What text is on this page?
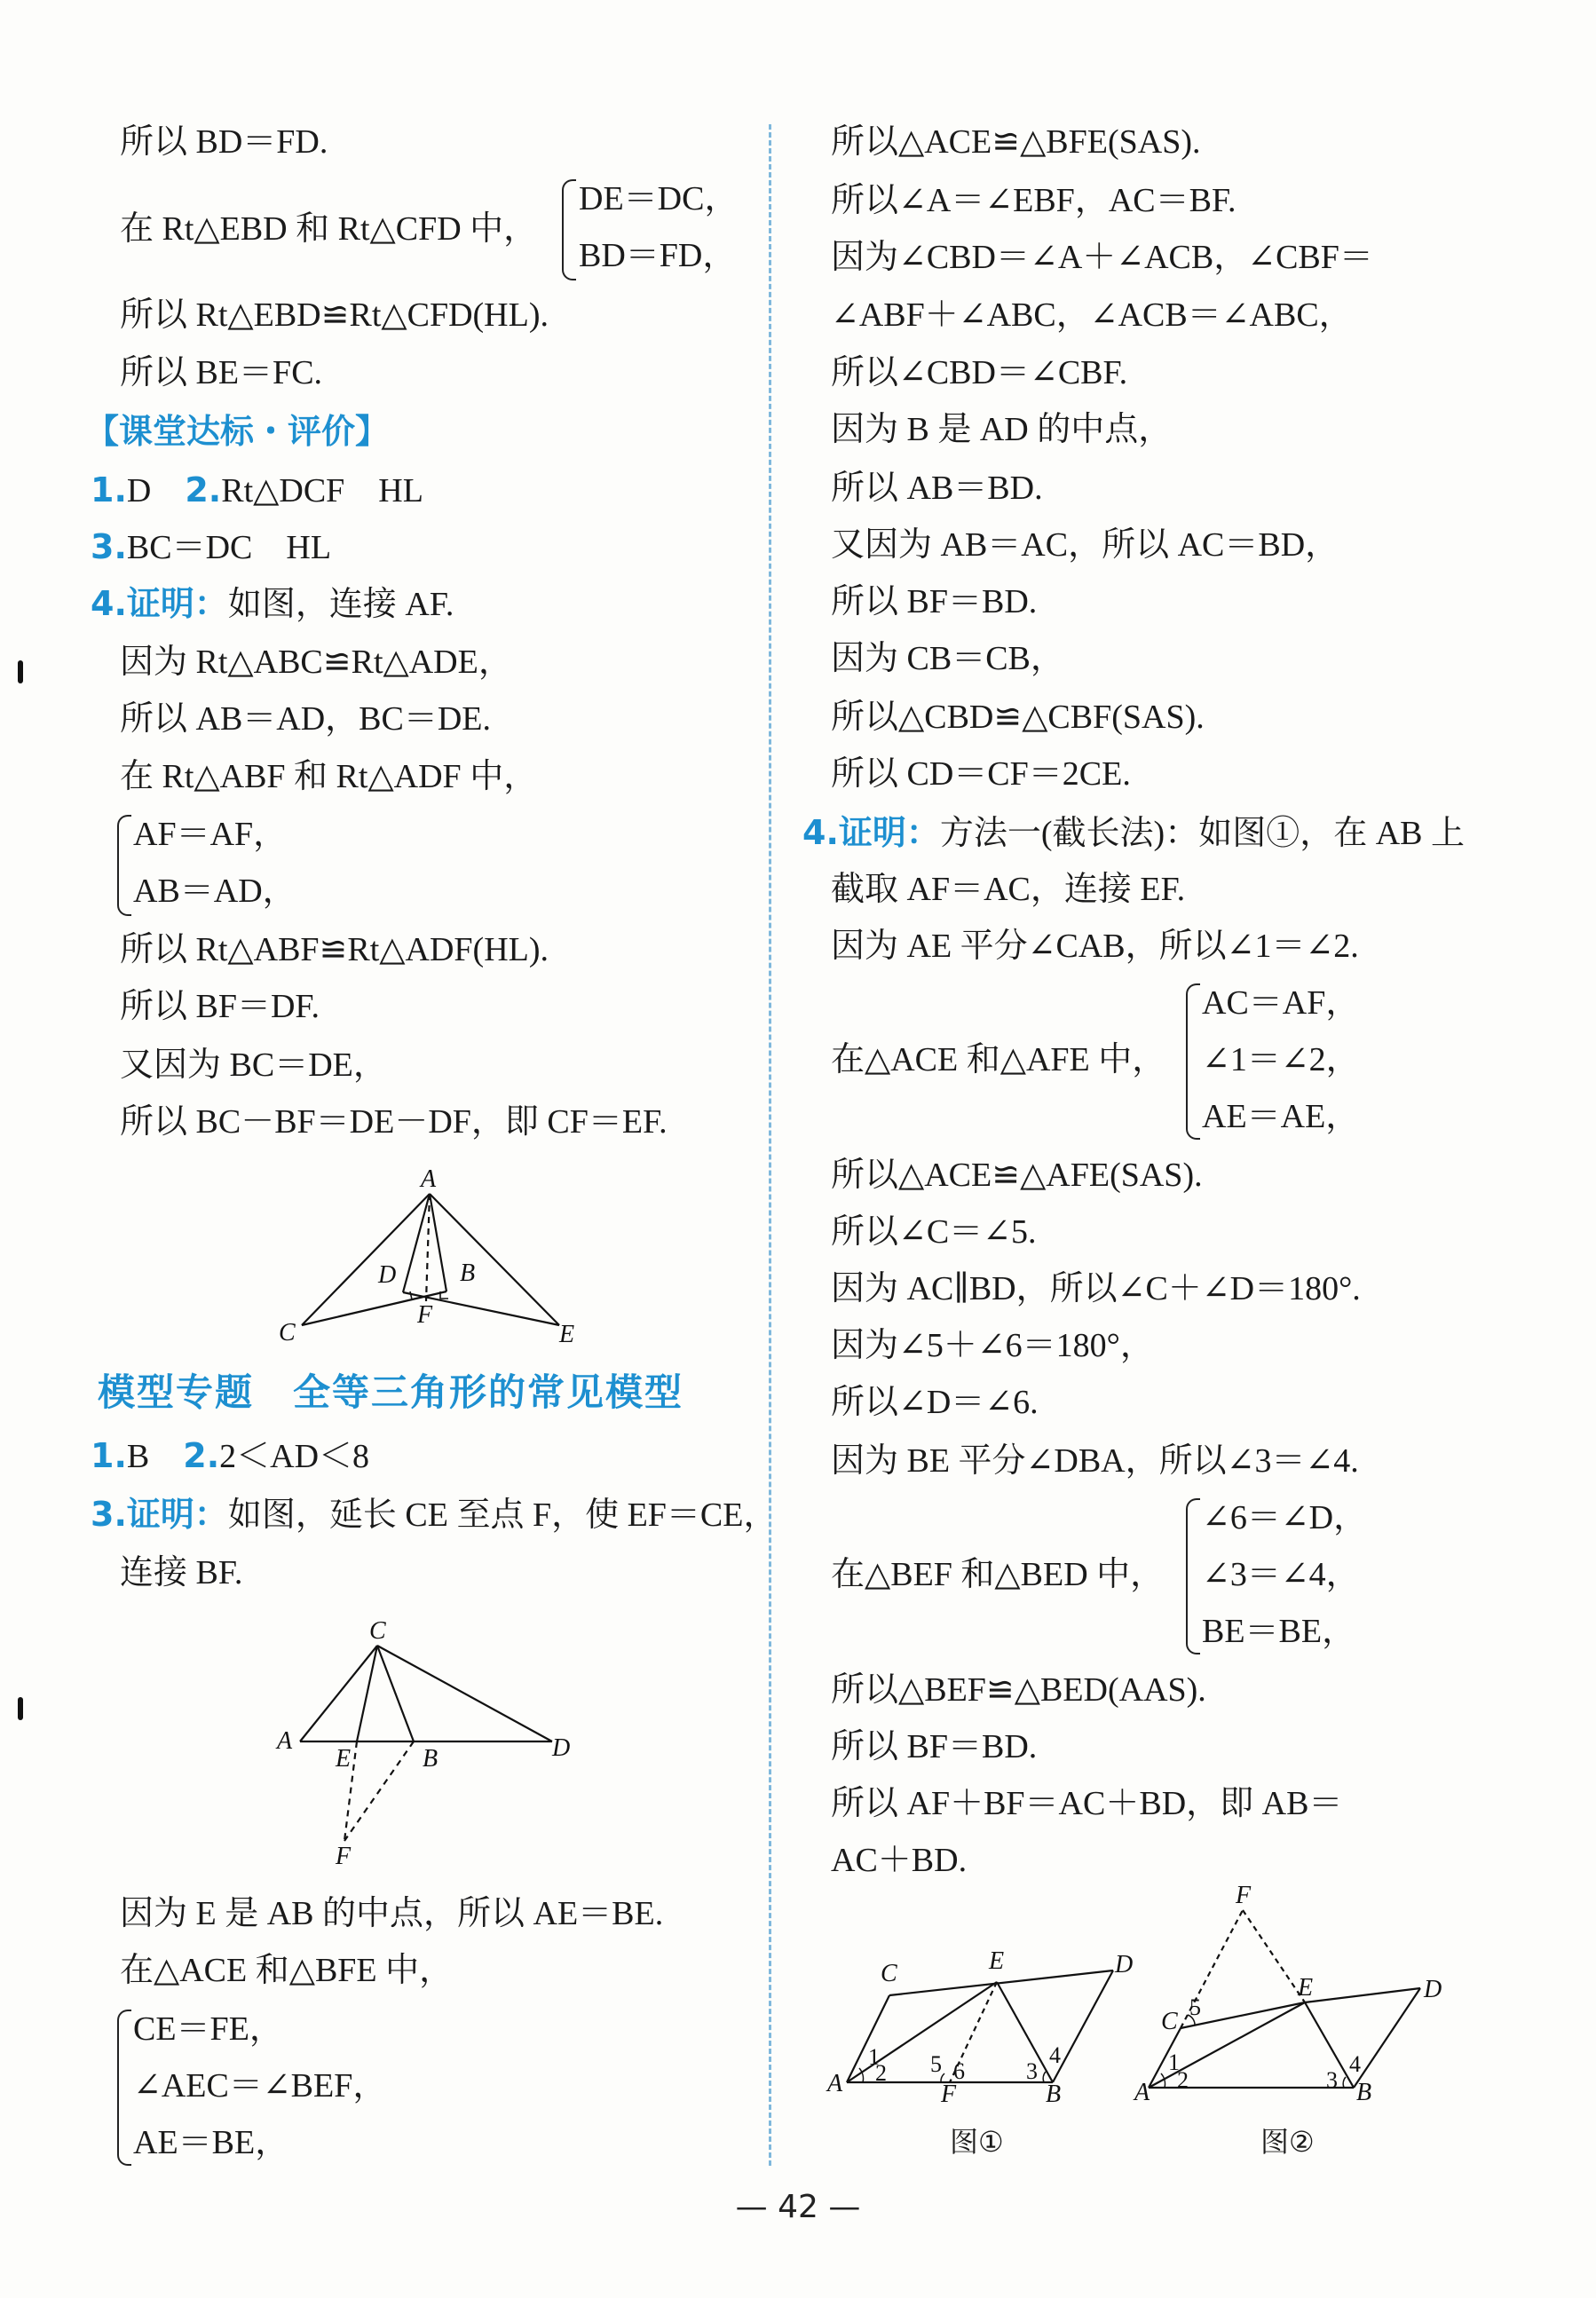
所以 BD＝FD.
在 Rt△EBD 和 Rt△CFD 中，
DE＝DC，
BD＝FD，
所以 Rt△EBD≌Rt△CFD(HL).
所以 BE＝FC.
【课堂达标・评价】
1.D　 2.Rt△DCF　HL
3.BC＝DC　HL
4.证明：如图，连接 AF.
因为 Rt△ABC≌Rt△ADE，
所以 AB＝AD，BC＝DE.
在 Rt△ABF 和 Rt△ADF 中，
AF＝AF，
AB＝AD，
所以 Rt△ABF≌Rt△ADF(HL).
所以 BF＝DF.
又因为 BC＝DE，
所以 BC－BF＝DE－DF，即 CF＝EF.
A
D	B
F
C	E
模型专题　全等三角形的常见模型
1.B　 2.2＜AD＜8
3.证明：如图，延长 CE 至点 F，使 EF＝CE，
连接 BF.
C
A
E	B	D
F
因为 E 是 AB 的中点，所以 AE＝BE.
在△ACE 和△BFE 中，
CE＝FE，
∠AEC＝∠BEF，
AE＝BE，
所以△ACE≌△BFE(SAS).
所以∠A＝∠EBF，AC＝BF.
因为∠CBD＝∠A＋∠ACB，∠CBF＝
∠ABF＋∠ABC，∠ACB＝∠ABC，
所以∠CBD＝∠CBF.
因为 B 是 AD 的中点，
所以 AB＝BD.
又因为 AB＝AC，所以 AC＝BD，
所以 BF＝BD.
因为 CB＝CB，
所以△CBD≌△CBF(SAS).
所以 CD＝CF＝2CE.
4.证明：方法一(截长法)：如图①，在 AB 上
截取 AF＝AC，连接 EF.
因为 AE 平分∠CAB，所以∠1＝∠2.
AC＝AF，
在△ACE 和△AFE 中， ∠1＝∠2，
AE＝AE，
所以△ACE≌△AFE(SAS).
所以∠C＝∠5.
因为 AC∥BD，所以∠C＋∠D＝180°.
因为∠5＋∠6＝180°，
所以∠D＝∠6.
因为 BE 平分∠DBA，所以∠3＝∠4.
∠6＝∠D，
在△BEF 和△BED 中， ∠3＝∠4，
BE＝BE，
所以△BEF≌△BED(AAS).
所以 BF＝BD.
所以 AF＋BF＝AC＋BD，即 AB＝
AC＋BD.
C	E	D
A	F	B
1
2 5 6	3
4
图①
F
C
5
E	D
A
1
2	3
4
B
图②
— 42 —
